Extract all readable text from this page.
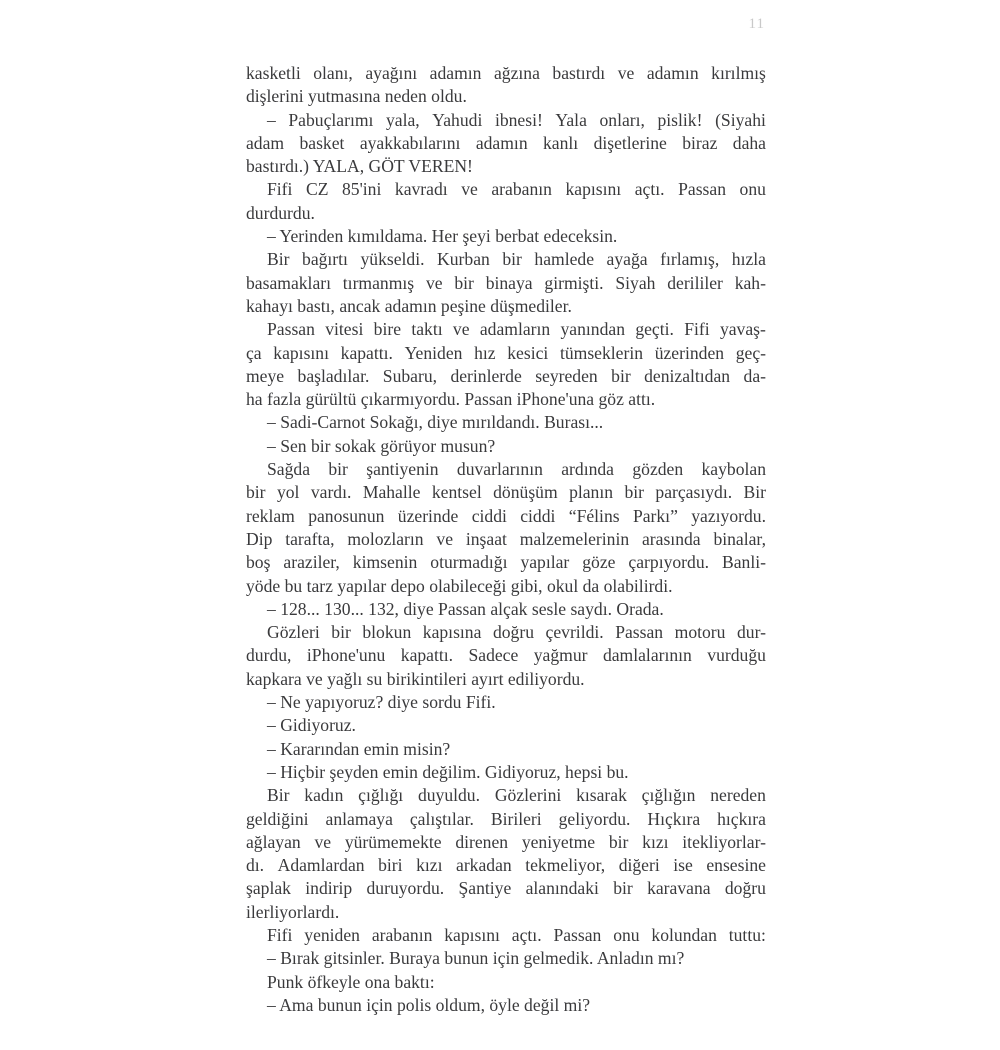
11
kasketli olanı, ayağını adamın ağzına bastırdı ve adamın kırılmış
dişlerini yutmasına neden oldu.
– Pabuçlarımı yala, Yahudi ibnesi! Yala onları, pislik! (Siyahi
adam basket ayakkabılarını adamın kanlı dişetlerine biraz daha
bastırdı.) YALA, GÖT VEREN!
Fifi CZ 85'ini kavradı ve arabanın kapısını açtı. Passan onu
durdurdu.
– Yerinden kımıldama. Her şeyi berbat edeceksin.
Bir bağırtı yükseldi. Kurban bir hamlede ayağa fırlamış, hızla
basamakları tırmanmış ve bir binaya girmişti. Siyah derililer kah-
kahayı bastı, ancak adamın peşine düşmediler.
Passan vitesi bire taktı ve adamların yanından geçti. Fifi yavaş-
ça kapısını kapattı. Yeniden hız kesici tümseklerin üzerinden geç-
meye başladılar. Subaru, derinlerde seyreden bir denizaltıdan da-
ha fazla gürültü çıkarmıyordu. Passan iPhone'una göz attı.
– Sadi-Carnot Sokağı, diye mırıldandı. Burası...
– Sen bir sokak görüyor musun?
Sağda bir şantiyenin duvarlarının ardında gözden kaybolan
bir yol vardı. Mahalle kentsel dönüşüm planın bir parçasıydı. Bir
reklam panosunun üzerinde ciddi ciddi “Félins Parkı” yazıyordu.
Dip tarafta, molozların ve inşaat malzemelerinin arasında binalar,
boş araziler, kimsenin oturmadığı yapılar göze çarpıyordu. Banli-
yöde bu tarz yapılar depo olabileceği gibi, okul da olabilirdi.
– 128... 130... 132, diye Passan alçak sesle saydı. Orada.
Gözleri bir blokun kapısına doğru çevrildi. Passan motoru dur-
durdu, iPhone'unu kapattı. Sadece yağmur damlalarının vurduğu
kapkara ve yağlı su birikintileri ayırt ediliyordu.
– Ne yapıyoruz? diye sordu Fifi.
– Gidiyoruz.
– Kararından emin misin?
– Hiçbir şeyden emin değilim. Gidiyoruz, hepsi bu.
Bir kadın çığlığı duyuldu. Gözlerini kısarak çığlığın nereden
geldiğini anlamaya çalıştılar. Birileri geliyordu. Hıçkıra hıçkıra
ağlayan ve yürümemekte direnen yeniyetme bir kızı itekliyorlar-
dı. Adamlardan biri kızı arkadan tekmeliyor, diğeri ise ensesine
şaplak indirip duruyordu. Şantiye alanındaki bir karavana doğru
ilerliyorlardı.
Fifi yeniden arabanın kapısını açtı. Passan onu kolundan tuttu:
– Bırak gitsinler. Buraya bunun için gelmedik. Anladın mı?
Punk öfkeyle ona baktı:
– Ama bunun için polis oldum, öyle değil mi?
